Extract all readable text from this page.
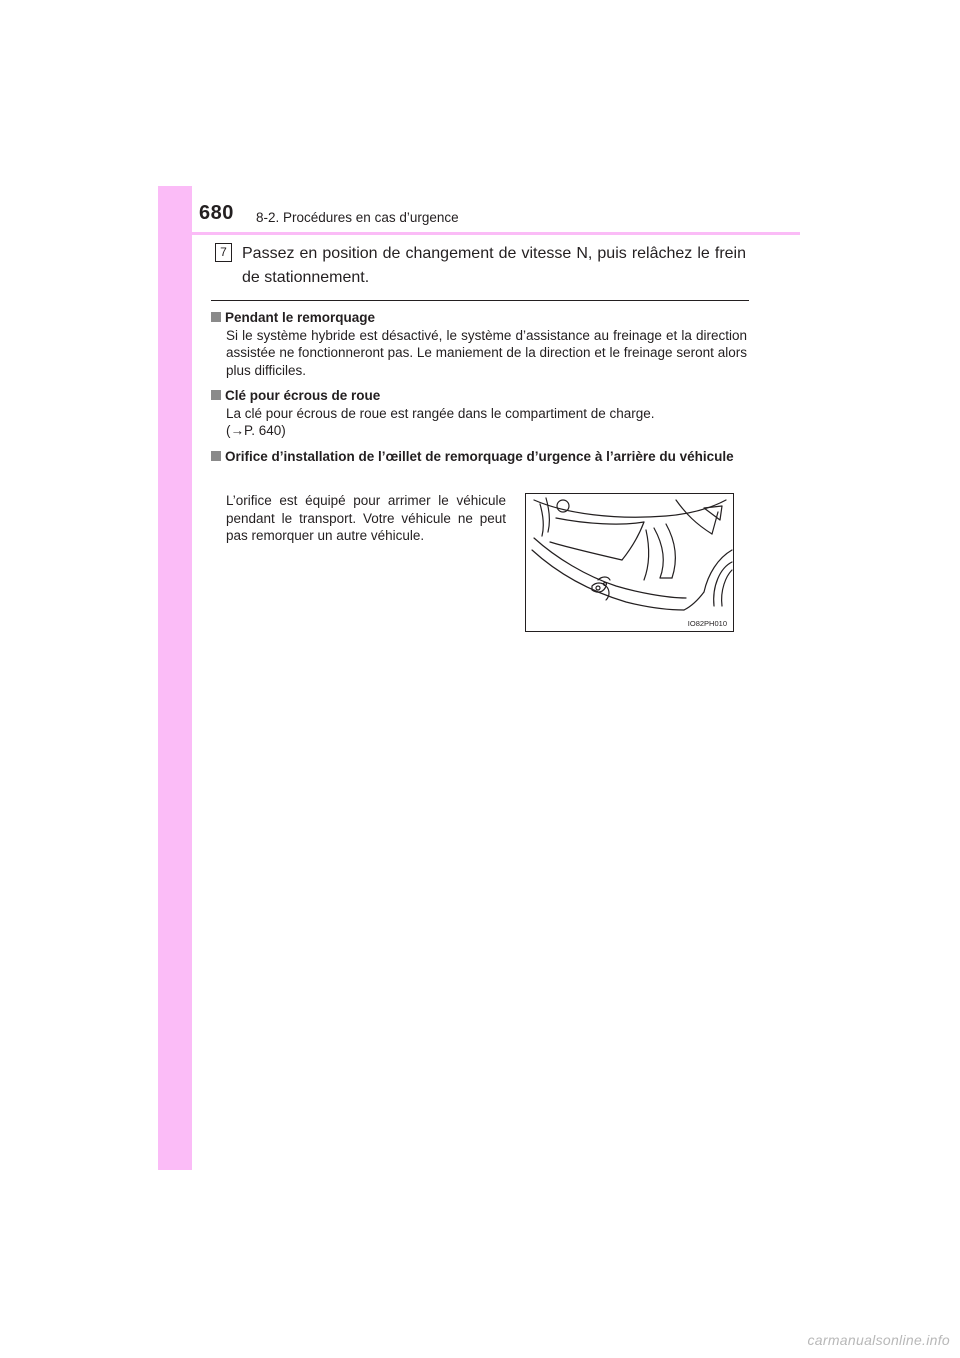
680 8-2. Procédures en cas d’urgence
7 Passez en position de changement de vitesse N, puis relâchez le frein de stationnement.
Pendant le remorquage
Si le système hybride est désactivé, le système d’assistance au freinage et la direction assistée ne fonctionneront pas. Le maniement de la direction et le freinage seront alors plus difficiles.
Clé pour écrous de roue
La clé pour écrous de roue est rangée dans le compartiment de charge.
(→P. 640)
Orifice d’installation de l’œillet de remorquage d’urgence à l’arrière du véhicule
L’orifice est équipé pour arrimer le véhicule pendant le transport. Votre véhicule ne peut pas remorquer un autre véhicule.
IO82PH010
carmanualsonline.info
